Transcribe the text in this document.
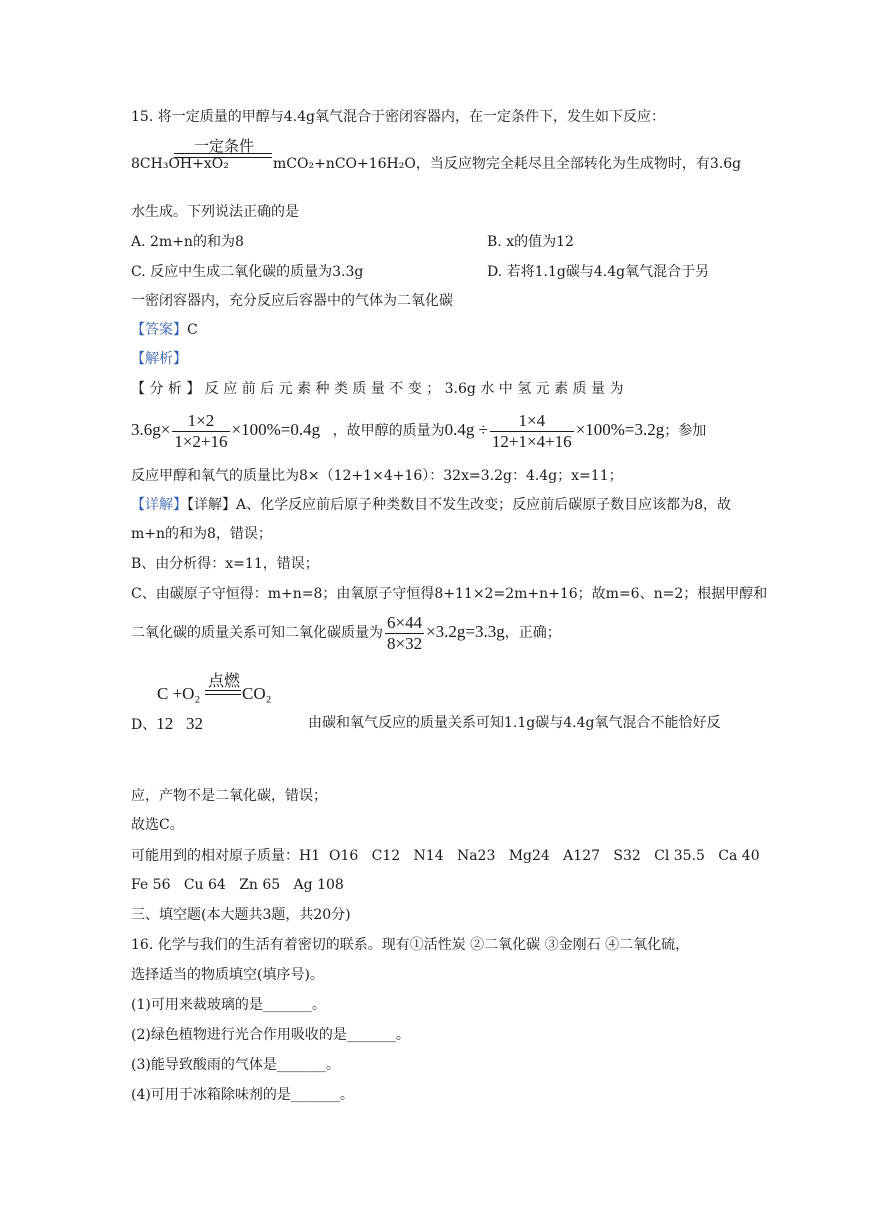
15. 将一定质量的甲醇与4.4g氧气混合于密闭容器内，在一定条件下，发生如下反应：
一定条件
8CH₃OH+xO₂	mCO₂+nCO+16H₂O，当反应物完全耗尽且全部转化为生成物时，有3.6g
水生成。下列说法正确的是
A. 2m+n的和为8	B. x的值为12
C. 反应中生成二氧化碳的质量为3.3g	D. 若将1.1g碳与4.4g氧气混合于另
一密闭容器内，充分反应后容器中的气体为二氧化碳
【答案】C
【解析】
【 分 析 】 反 应 前 后 元 素 种 类 质 量 不 变 ； 3.6g 水 中 氢 元 素 质 量 为
$3.6g\times \frac{1\times 2}{1\times 2+16} \times 100\%=0.4g$ ，故甲醇的质量为$0.4g \div \frac{1\times 4}{12+1\times 4+16} \times 100\%=3.2g$；参加
反应甲醇和氧气的质量比为8×（12+1×4+16）：32x=3.2g：4.4g；x=11；
【详解】【详解】A、化学反应前后原子种类数目不发生改变；反应前后碳原子数目应该都为8，故
m+n的和为8，错误；
B、由分析得：x=11，错误；
C、由碳原子守恒得：m+n=8；由氧原子守恒得8+11×2=2m+n+16；故m=6、n=2；根据甲醇和
二氧化碳的质量关系可知二氧化碳质量为 $\frac{6\times 44}{8\times 32} \times 3.2g=3.3g$，正确；
C +O₂
点燃
CO₂
D、12   32	由碳和氧气反应的质量关系可知1.1g碳与4.4g氧气混合不能恰好反
应，产物不是二氧化碳，错误；
故选C。
可能用到的相对原子质量：H1  O16   C12   N14   Na23   Mg24   A127   S32   Cl 35.5   Ca 40
Fe 56   Cu 64   Zn 65   Ag 108
三、填空题(本大题共3题，共20分)
16. 化学与我们的生活有着密切的联系。现有①活性炭 ②二氧化碳 ③金刚石 ④二氧化硫，
选择适当的物质填空(填序号)。
(1)可用来裁玻璃的是_______。
(2)绿色植物进行光合作用吸收的是_______。
(3)能导致酸雨的气体是_______。
(4)可用于冰箱除味剂的是_______。
